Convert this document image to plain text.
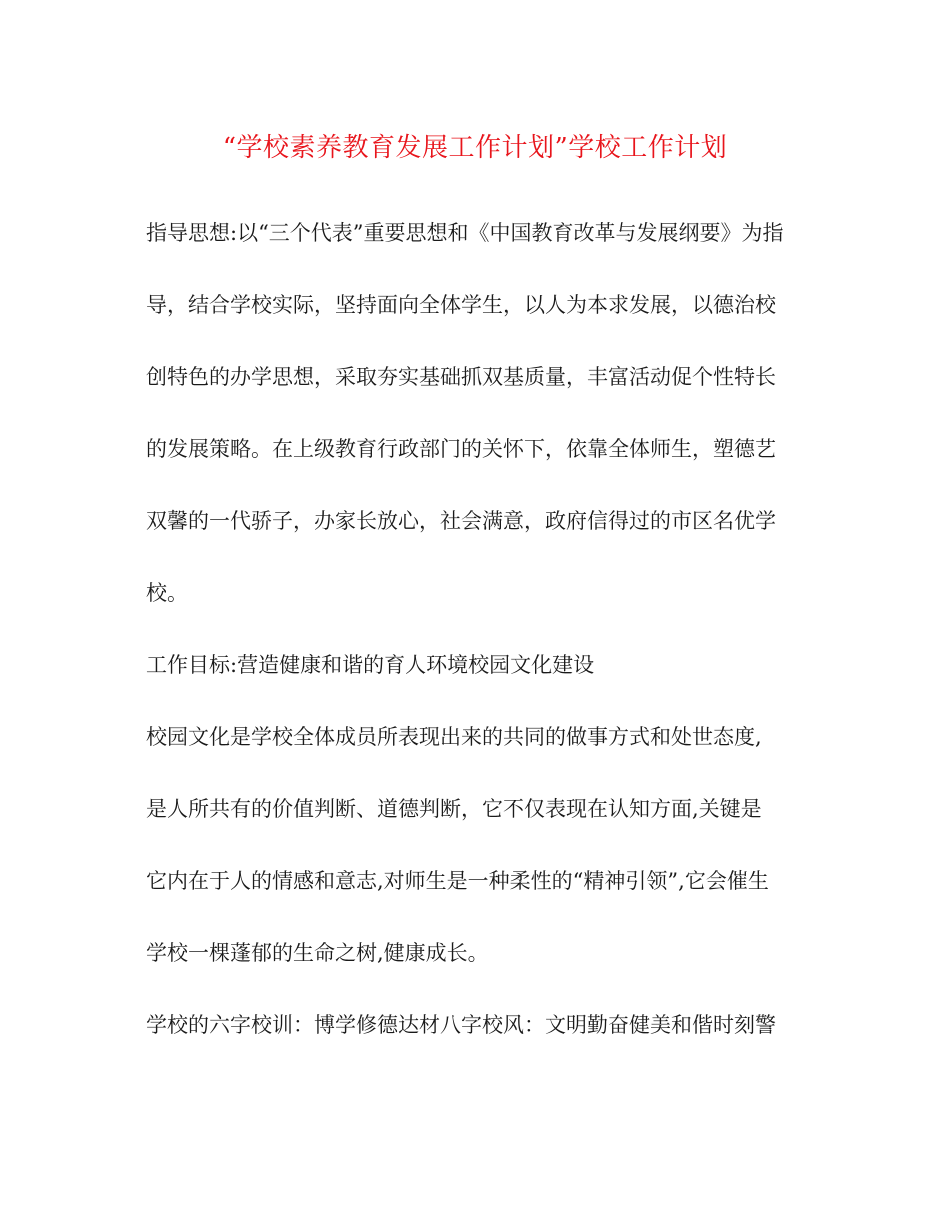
“学校素养教育发展工作计划”学校工作计划
指导思想:以“三个代表”重要思想和《中国教育改革与发展纲要》为指
导，结合学校实际，坚持面向全体学生，以人为本求发展，以德治校
创特色的办学思想，采取夯实基础抓双基质量，丰富活动促个性特长
的发展策略。在上级教育行政部门的关怀下，依靠全体师生，塑德艺
双馨的一代骄子，办家长放心，社会满意，政府信得过的市区名优学
校。
工作目标:营造健康和谐的育人环境校园文化建设
校园文化是学校全体成员所表现出来的共同的做事方式和处世态度,
是人所共有的价值判断、道德判断，它不仅表现在认知方面,关键是
它内在于人的情感和意志,对师生是一种柔性的“精神引领”,它会催生
学校一棵蓬郁的生命之树,健康成长。
学校的六字校训：博学修德达材八字校风：文明勤奋健美和偕时刻警
